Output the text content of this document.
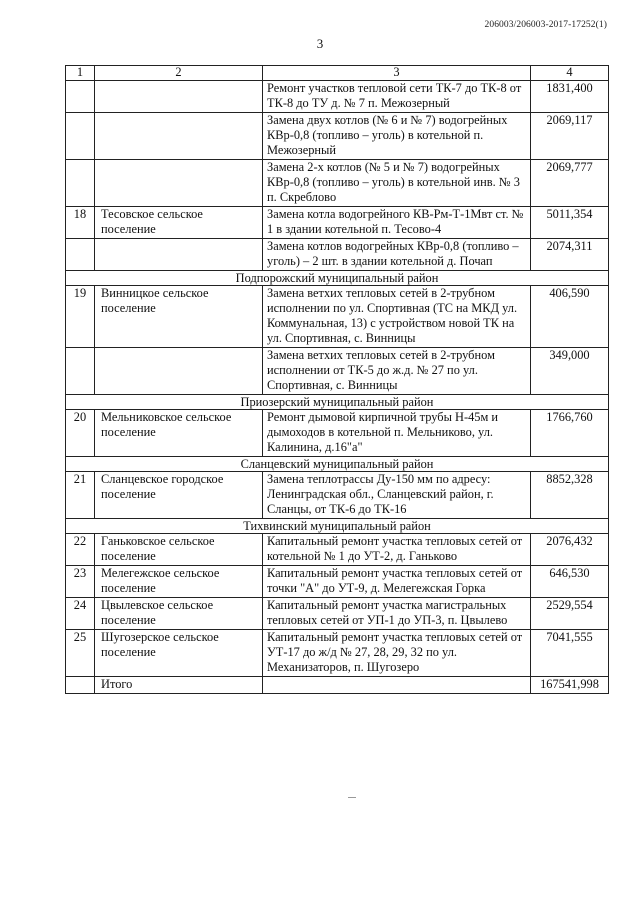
206003/206003-2017-17252(1)
3
1	2	3	4
		Ремонт участков тепловой сети ТК-7 до ТК-8 от ТК-8 до ТУ д. № 7 п. Межозерный	1831,400
		Замена двух котлов (№ 6 и № 7) водогрейных КВр-0,8 (топливо – уголь) в котельной п. Межозерный	2069,117
		Замена 2-х котлов (№ 5 и № 7) водогрейных КВр-0,8 (топливо – уголь) в котельной инв. № 3 п. Скреблово	2069,777
18	Тесовское сельское поселение	Замена котла водогрейного КВ-Рм-Т-1Мвт ст. № 1 в здании котельной п. Тесово-4	5011,354
		Замена котлов водогрейных КВр-0,8 (топливо – уголь) – 2 шт. в здании котельной д. Почап	2074,311
Подпорожский муниципальный район			
19	Винницкое сельское поселение	Замена ветхих тепловых сетей в 2-трубном исполнении по ул. Спортивная (ТС на МКД ул. Коммунальная, 13) с устройством новой ТК на ул. Спортивная, с. Винницы	406,590
		Замена ветхих тепловых сетей в 2-трубном исполнении от ТК-5 до ж.д. № 27 по ул. Спортивная, с. Винницы	349,000
Приозерский муниципальный район			
20	Мельниковское сельское поселение	Ремонт дымовой кирпичной трубы Н-45м и дымоходов в котельной п. Мельниково, ул. Калинина, д.16"а"	1766,760
Сланцевский муниципальный район			
21	Сланцевское городское поселение	Замена теплотрассы Ду-150 мм по адресу: Ленинградская обл., Сланцевский район, г. Сланцы, от ТК-6 до ТК-16	8852,328
Тихвинский муниципальный район			
22	Ганьковское сельское поселение	Капитальный ремонт участка тепловых сетей от котельной № 1 до УТ-2, д. Ганьково	2076,432
23	Мелегежское сельское поселение	Капитальный ремонт участка тепловых сетей от точки "А" до УТ-9, д. Мелегежская Горка	646,530
24	Цвылевское сельское поселение	Капитальный ремонт участка магистральных тепловых сетей от УП-1 до УП-3, п. Цвылево	2529,554
25	Шугозерское сельское поселение	Капитальный ремонт участка тепловых сетей от УТ-17 до ж/д № 27, 28, 29, 32 по ул. Механизаторов, п. Шугозеро	7041,555
	Итого		167541,998
